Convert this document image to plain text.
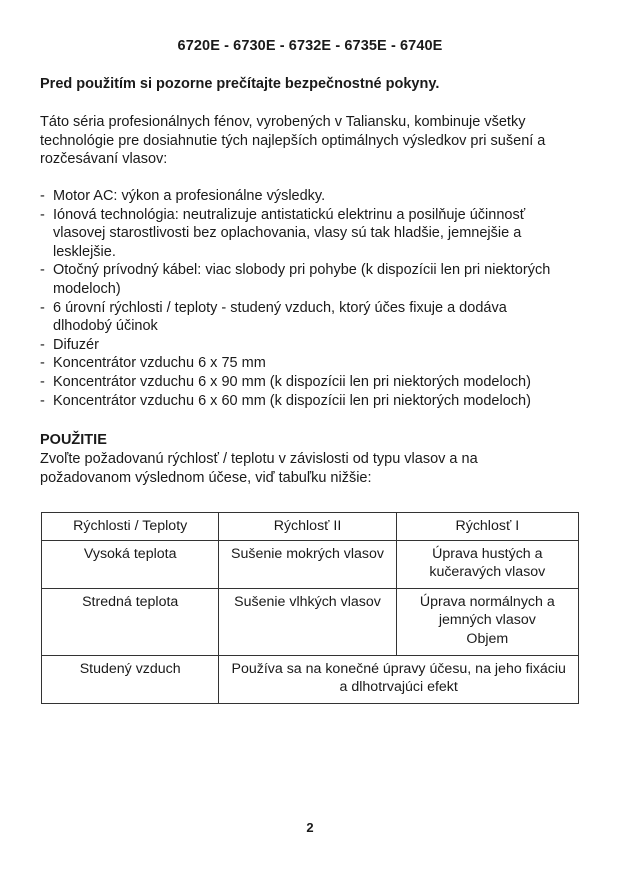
6720E - 6730E - 6732E - 6735E - 6740E
Pred použitím si pozorne prečítajte bezpečnostné pokyny.
Táto séria profesionálnych fénov, vyrobených v Taliansku, kombinuje všetky
technológie pre dosiahnutie tých najlepších optimálnych výsledkov pri sušení a
rozčesávaní vlasov:
- Motor AC: výkon a profesionálne výsledky.
- Iónová technológia: neutralizuje antistatickú elektrinu a posilňuje účinnosť
vlasovej starostlivosti bez oplachovania, vlasy sú tak hladšie, jemnejšie a
lesklejšie.
- Otočný prívodný kábel: viac slobody pri pohybe (k dispozícii len pri niektorých
modeloch)
- 6 úrovní rýchlosti / teploty - studený vzduch, ktorý účes fixuje a dodáva
dlhodobý účinok
- Difuzér
- Koncentrátor vzduchu 6 x 75 mm
- Koncentrátor vzduchu 6 x 90 mm (k dispozícii len pri niektorých modeloch)
- Koncentrátor vzduchu 6 x 60 mm (k dispozícii len pri niektorých modeloch)
POUŽITIE
Zvoľte požadovanú rýchlosť / teplotu v závislosti od typu vlasov a na
požadovanom výslednom účese, viď tabuľku nižšie:
Rýchlosti / Teploty	Rýchlosť II	Rýchlosť I
Vysoká teplota	Sušenie mokrých vlasov	Úprava hustých a
kučeravých vlasov

Stredná teplota	Sušenie vlhkých vlasov	Úprava normálnych a
jemných vlasov
Objem

Studený vzduch	Používa sa na konečné úpravy účesu, na jeho fixáciu
a dlhotrvajúci efekt	
2
